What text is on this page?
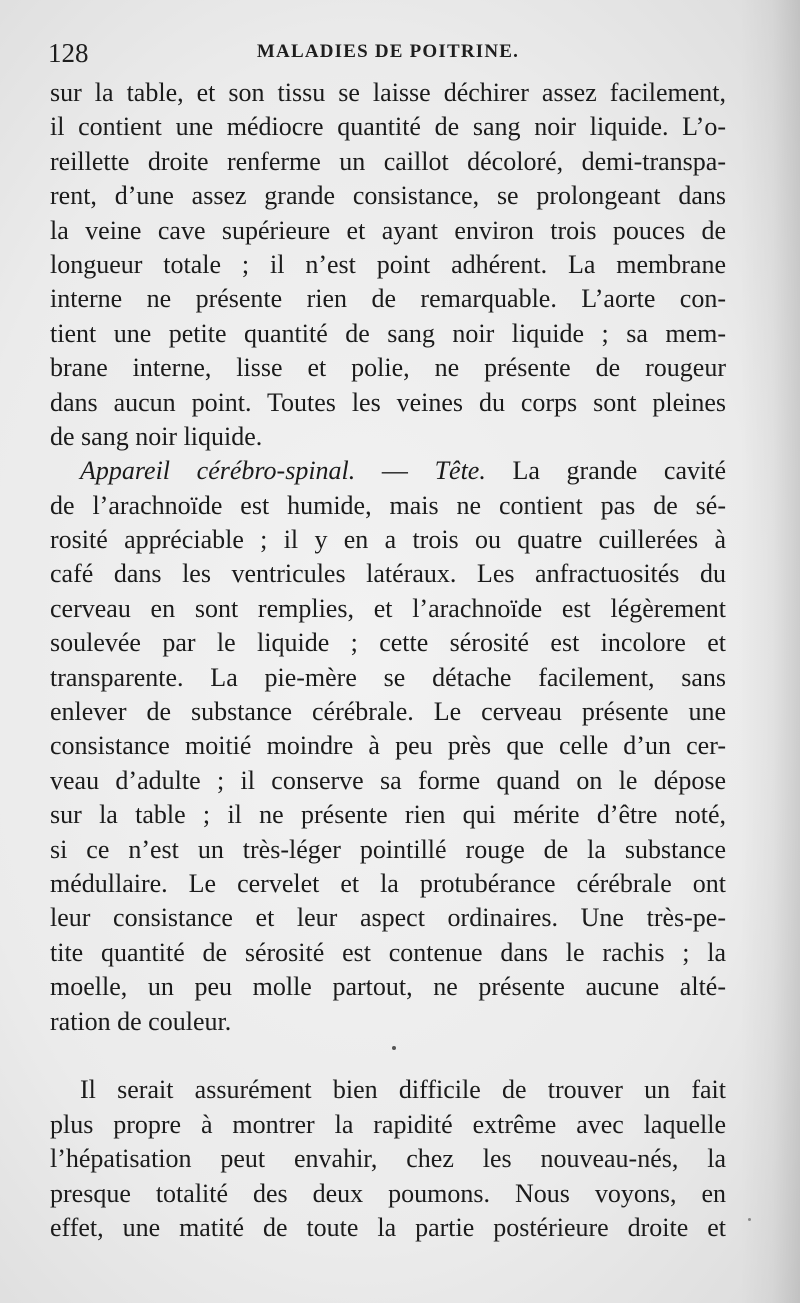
128	MALADIES DE POITRINE.
sur la table, et son tissu se laisse déchirer assez facilement,
il contient une médiocre quantité de sang noir liquide. L’o-
reillette droite renferme un caillot décoloré, demi-transpa-
rent, d’une assez grande consistance, se prolongeant dans
la veine cave supérieure et ayant environ trois pouces de
longueur totale ; il n’est point adhérent. La membrane
interne ne présente rien de remarquable. L’aorte con-
tient une petite quantité de sang noir liquide ; sa mem-
brane interne, lisse et polie, ne présente de rougeur
dans aucun point. Toutes les veines du corps sont pleines
de sang noir liquide.
Appareil cérébro-spinal. — Tête. La grande cavité
de l’arachnoïde est humide, mais ne contient pas de sé-
rosité appréciable ; il y en a trois ou quatre cuillerées à
café dans les ventricules latéraux. Les anfractuosités du
cerveau en sont remplies, et l’arachnoïde est légèrement
soulevée par le liquide ; cette sérosité est incolore et
transparente. La pie-mère se détache facilement, sans
enlever de substance cérébrale. Le cerveau présente une
consistance moitié moindre à peu près que celle d’un cer-
veau d’adulte ; il conserve sa forme quand on le dépose
sur la table ; il ne présente rien qui mérite d’être noté,
si ce n’est un très-léger pointillé rouge de la substance
médullaire. Le cervelet et la protubérance cérébrale ont
leur consistance et leur aspect ordinaires. Une très-pe-
tite quantité de sérosité est contenue dans le rachis ; la
moelle, un peu molle partout, ne présente aucune alté-
ration de couleur.
Il serait assurément bien difficile de trouver un fait
plus propre à montrer la rapidité extrême avec laquelle
l’hépatisation peut envahir, chez les nouveau-nés, la
presque totalité des deux poumons. Nous voyons, en
effet, une matité de toute la partie postérieure droite et
